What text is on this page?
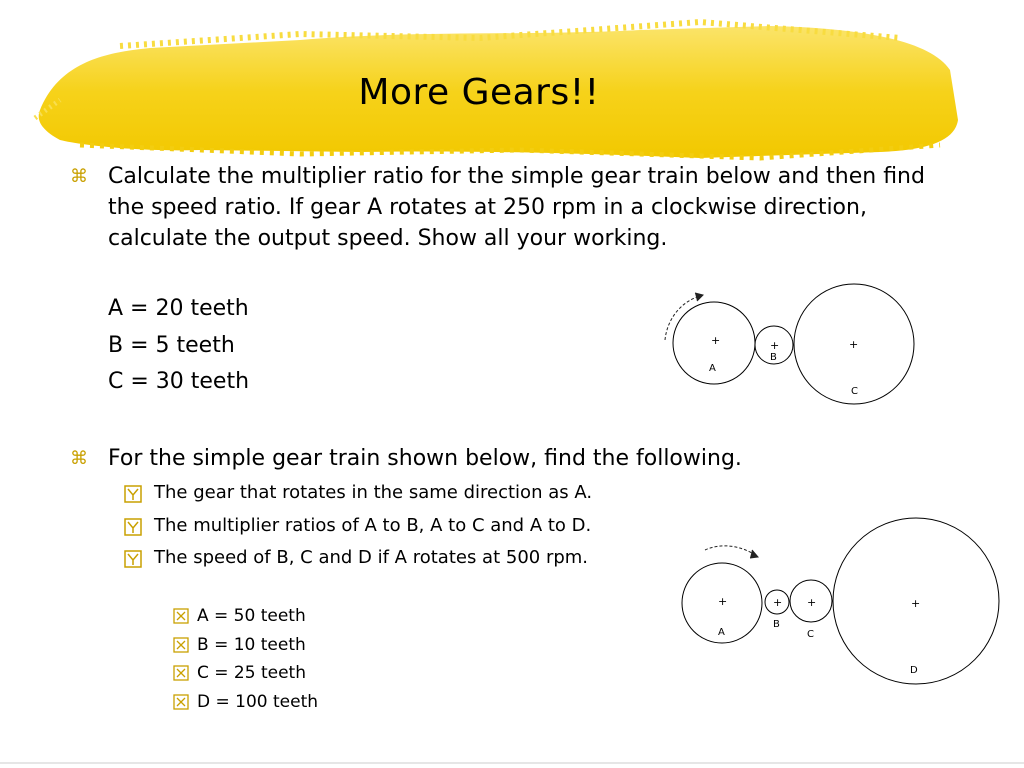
More Gears!!
⌘ Calculate the multiplier ratio for the simple gear train below and then find the speed ratio. If gear A rotates at 250 rpm in a clockwise direction, calculate the output speed. Show all your working.
A = 20 teeth
B = 5 teeth
C = 30 teeth
+	+	+
A
B
C
⌘ For the simple gear train shown below, find the following.
The gear that rotates in the same direction as A.
The multiplier ratios of A to B, A to C and A to D.
The speed of B, C and D if A rotates at 500 rpm.
A = 50 teeth
B = 10 teeth
C = 25 teeth
D = 100 teeth
+	+ +	+
A
B
C
D
